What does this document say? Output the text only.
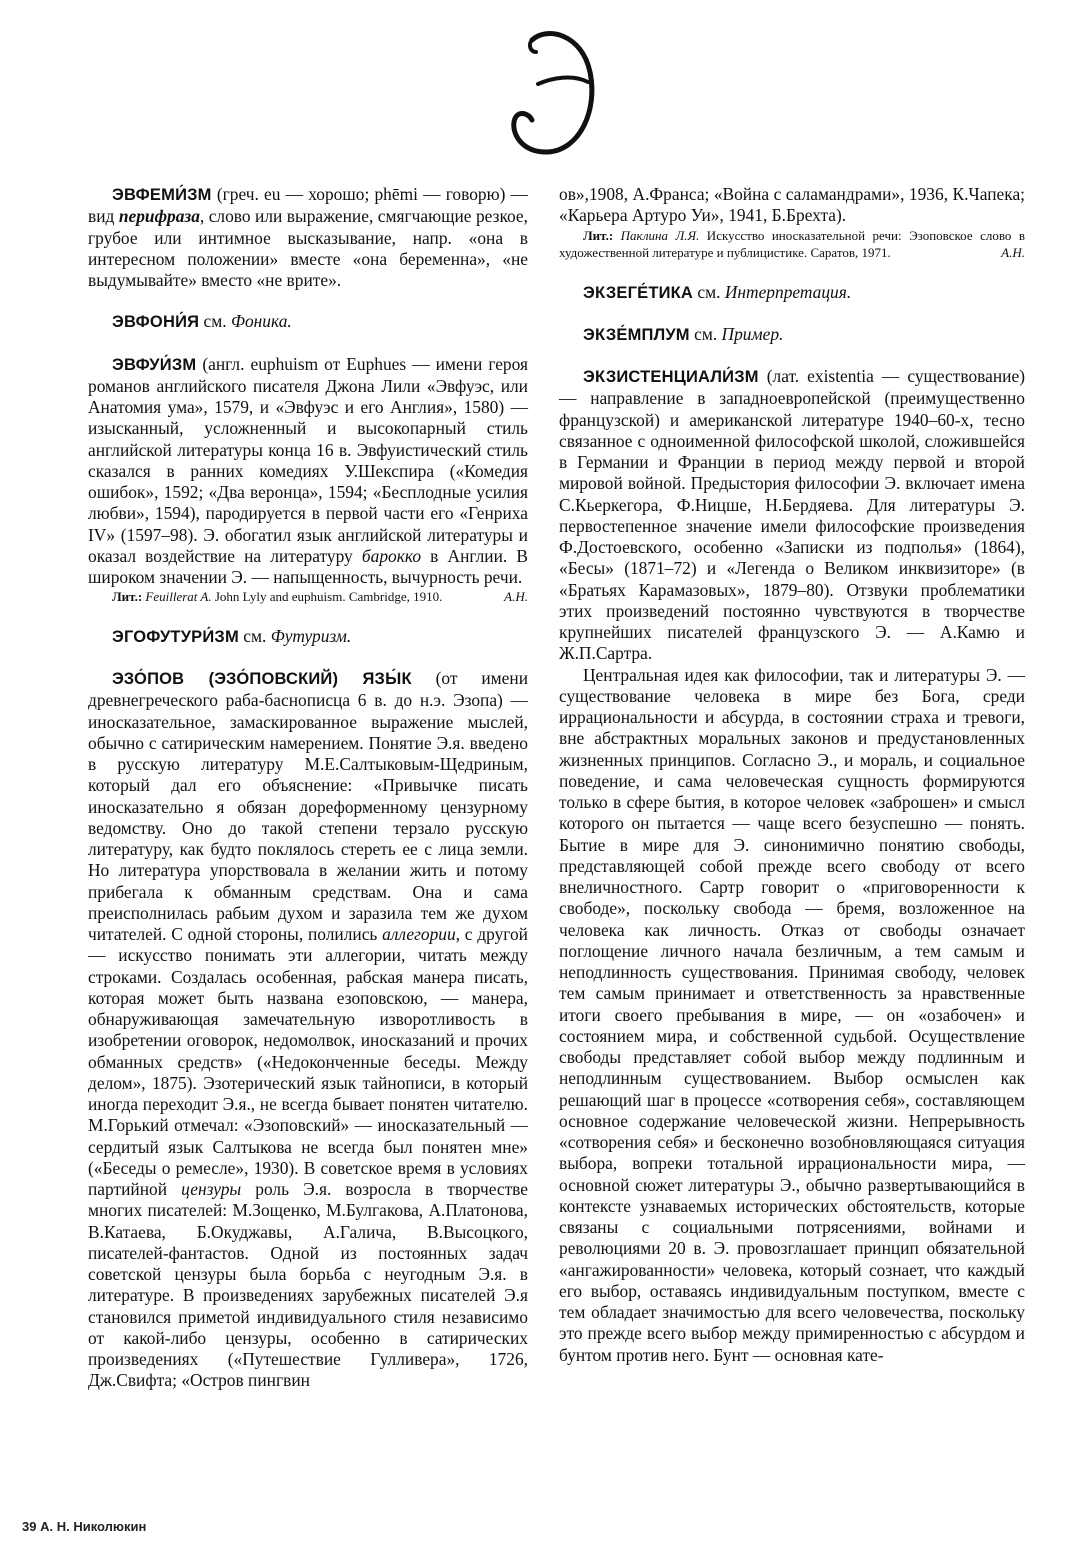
ЭВФЕМИ́ЗМ (греч. eu — хорошо; phēmi — говорю) — вид перифраза, слово или выражение, смягчающие резкое, грубое или интимное высказывание, напр. «она в интересном положении» вместе «она беременна», «не выдумывайте» вместо «не врите».

ЭВФОНИ́Я см. Фоника.

ЭВФУИ́ЗМ (англ. euphuism от Euphues — имени героя романов английского писателя Джона Лили «Эвфуэс, или Анатомия ума», 1579, и «Эвфуэс и его Англия», 1580) — изысканный, усложненный и высокопарный стиль английской литературы конца 16 в. Эвфуистический стиль сказался в ранних комедиях У.Шекспира («Комедия ошибок», 1592; «Два веронца», 1594; «Бесплодные усилия любви», 1594), пародируется в первой части его «Генриха IV» (1597–98). Э. обогатил язык английской литературы и оказал воздействие на литературу барокко в Англии. В широком значении Э. — напыщенность, вычурность речи.

Лит.: Feuillerat A. John Lyly and euphuism. Cambridge, 1910.	А.Н.

ЭГОФУТУРИ́ЗМ см. Футуризм.

ЭЗО́ПОВ (ЭЗО́ПОВСКИЙ) ЯЗЫ́К (от имени древнегреческого раба-баснописца 6 в. до н.э. Эзопа) — иносказательное, замаскированное выражение мыслей, обычно с сатирическим намерением. Понятие Э.я. введено в русскую литературу М.Е.Салтыковым-Щедриным, который дал его объяснение: «Привычке писать иносказательно я обязан дореформенному цензурному ведомству. Оно до такой степени терзало русскую литературу, как будто поклялось стереть ее с лица земли. Но литература упорствовала в желании жить и потому прибегала к обманным средствам. Она и сама преисполнилась рабьим духом и заразила тем же духом читателей. С одной стороны, полились аллегории, с другой — искусство понимать эти аллегории, читать между строками. Создалась особенная, рабская манера писать, которая может быть названа езоповскою, — манера, обнаруживающая замечательную изворотливость в изобретении оговорок, недомолвок, иносказаний и прочих обманных средств» («Недоконченные беседы. Между делом», 1875). Эзотерический язык тайнописи, в который иногда переходит Э.я., не всегда бывает понятен читателю. М.Горький отмечал: «Эзоповский» — иносказательный — сердитый язык Салтыкова не всегда был понятен мне» («Беседы о ремесле», 1930). В советское время в условиях партийной цензуры роль Э.я. возросла в творчестве многих писателей: М.Зощенко, М.Булгакова, А.Платонова, В.Катаева, Б.Окуджавы, А.Галича, В.Высоцкого, писателей-фантастов. Одной из постоянных задач советской цензуры была борьба с неугодным Э.я. в литературе. В произведениях зарубежных писателей Э.я становился приметой индивидуального стиля независимо от какой-либо цензуры, особенно в сатирических произведениях («Путешествие Гулливера», 1726, Дж.Свифта; «Остров пингвин

ов»,1908, А.Франса; «Война с саламандрами», 1936, К.Чапека; «Карьера Артуро Уи», 1941, Б.Брехта).

Лит.: Паклина Л.Я. Искусство иносказательной речи: Эзоповское слово в художественной литературе и публицистике. Саратов, 1971.	А.Н.

ЭКЗЕГЕ́ТИКА см. Интерпретация.

ЭКЗЕ́МПЛУМ см. Пример.

ЭКЗИСТЕНЦИАЛИ́ЗМ (лат. existentia — существование) — направление в западноевропейской (преимущественно французской) и американской литературе 1940–60-х, тесно связанное с одноименной философской школой, сложившейся в Германии и Франции в период между первой и второй мировой войной. Предыстория философии Э. включает имена С.Кьеркегора, Ф.Ницше, Н.Бердяева. Для литературы Э. первостепенное значение имели философские произведения Ф.Достоевского, особенно «Записки из подполья» (1864), «Бесы» (1871–72) и «Легенда о Великом инквизиторе» (в «Братьях Карамазовых», 1879–80). Отзвуки проблематики этих произведений постоянно чувствуются в творчестве крупнейших писателей французского Э. — А.Камю и Ж.П.Сартра.

Центральная идея как философии, так и литературы Э. — существование человека в мире без Бога, среди иррациональности и абсурда, в состоянии страха и тревоги, вне абстрактных моральных законов и предустановленных жизненных принципов. Согласно Э., и мораль, и социальное поведение, и сама человеческая сущность формируются только в сфере бытия, в которое человек «заброшен» и смысл которого он пытается — чаще всего безуспешно — понять. Бытие в мире для Э. синонимично понятию свободы, представляющей собой прежде всего свободу от всего внеличностного. Сартр говорит о «приговоренности к свободе», поскольку свобода — бремя, возложенное на человека как личность. Отказ от свободы означает поглощение личного начала безличным, а тем самым и неподлинность существования. Принимая свободу, человек тем самым принимает и ответственность за нравственные итоги своего пребывания в мире, — он «озабочен» и состоянием мира, и собственной судьбой. Осуществление свободы представляет собой выбор между подлинным и неподлинным существованием. Выбор осмыслен как решающий шаг в процессе «сотворения себя», составляющем основное содержание человеческой жизни. Непрерывность «сотворения себя» и бесконечно возобновляющаяся ситуация выбора, вопреки тотальной иррациональности мира, — основной сюжет литературы Э., обычно развертывающийся в контексте узнаваемых исторических обстоятельств, которые связаны с социальными потрясениями, войнами и революциями 20 в. Э. провозглашает принцип обязательной «ангажированности» человека, который сознает, что каждый его выбор, оставаясь индивидуальным поступком, вместе с тем обладает значимостью для всего человечества, поскольку это прежде всего выбор между примиренностью с абсурдом и бунтом против него. Бунт — основная кате-

39 А. Н. Николюкин
